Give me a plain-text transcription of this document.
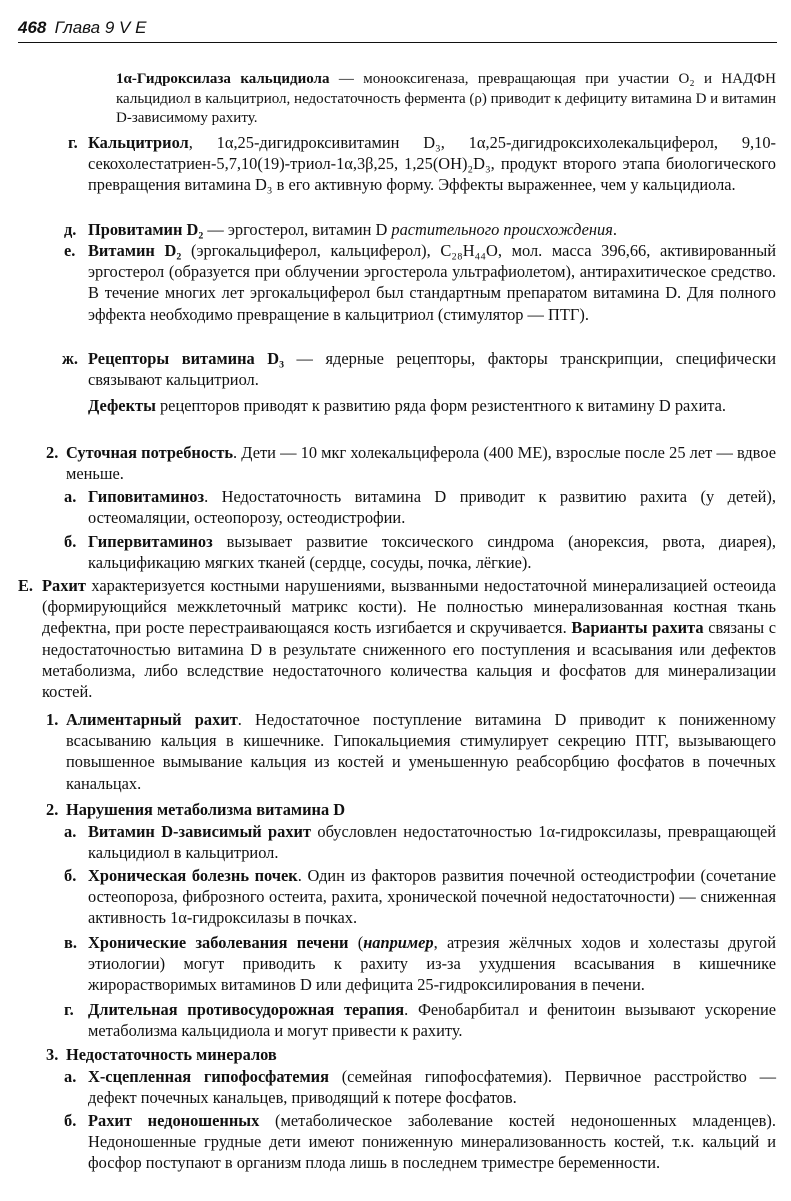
468 Глава 9 V E
1α-Гидроксилаза кальцидиола — монооксигеназа, превращающая при участии O₂ и НАДФН кальцидиол в кальцитриол, недостаточность фермента (ρ) приводит к дефициту витамина D и витамин D-зависимому рахиту.
г. Кальцитриол, 1α,25-дигидроксивитамин D₃, 1α,25-дигидроксихолекальциферол, 9,10-секохолестатриен-5,7,10(19)-триол-1α,3β,25, 1,25(OH)₂D₃, продукт второго этапа биологического превращения витамина D₃ в его активную форму. Эффекты выраженнее, чем у кальцидиола.
д. Провитамин D₂ — эргостерол, витамин D растительного происхождения.
е. Витамин D₂ (эргокальциферол, кальциферол), C₂₈H₄₄O, мол. масса 396,66, активированный эргостерол (образуется при облучении эргостерола ультрафиолетом), антирахитическое средство. В течение многих лет эргокальциферол был стандартным препаратом витамина D. Для полного эффекта необходимо превращение в кальцитриол (стимулятор — ПТГ).
ж. Рецепторы витамина D₃ — ядерные рецепторы, факторы транскрипции, специфически связывают кальцитриол.
Дефекты рецепторов приводят к развитию ряда форм резистентного к витамину D рахита.
2. Суточная потребность. Дети — 10 мкг холекальциферола (400 МЕ), взрослые после 25 лет — вдвое меньше.
а. Гиповитаминоз. Недостаточность витамина D приводит к развитию рахита (у детей), остеомаляции, остеопорозу, остеодистрофии.
б. Гипервитаминоз вызывает развитие токсического синдрома (анорексия, рвота, диарея), кальцификацию мягких тканей (сердце, сосуды, почка, лёгкие).
Е. Рахит характеризуется костными нарушениями, вызванными недостаточной минерализацией остеоида (формирующийся межклеточный матрикс кости). Не полностью минерализованная костная ткань дефектна, при росте перестраивающаяся кость изгибается и скручивается. Варианты рахита связаны с недостаточностью витамина D в результате сниженного его поступления и всасывания или дефектов метаболизма, либо вследствие недостаточного количества кальция и фосфатов для минерализации костей.
1. Алиментарный рахит. Недостаточное поступление витамина D приводит к пониженному всасыванию кальция в кишечнике. Гипокальциемия стимулирует секрецию ПТГ, вызывающего повышенное вымывание кальция из костей и уменьшенную реабсорбцию фосфатов в почечных канальцах.
2. Нарушения метаболизма витамина D
а. Витамин D-зависимый рахит обусловлен недостаточностью 1α-гидроксилазы, превращающей кальцидиол в кальцитриол.
б. Хроническая болезнь почек. Один из факторов развития почечной остеодистрофии (сочетание остеопороза, фиброзного остеита, рахита, хронической почечной недостаточности) — сниженная активность 1α-гидроксилазы в почках.
в. Хронические заболевания печени (например, атрезия жёлчных ходов и холестазы другой этиологии) могут приводить к рахиту из-за ухудшения всасывания в кишечнике жирорастворимых витаминов D или дефицита 25-гидроксилирования в печени.
г. Длительная противосудорожная терапия. Фенобарбитал и фенитоин вызывают ускорение метаболизма кальцидиола и могут привести к рахиту.
3. Недостаточность минералов
а. Х-сцепленная гипофосфатемия (семейная гипофосфатемия). Первичное расстройство — дефект почечных канальцев, приводящий к потере фосфатов.
б. Рахит недоношенных (метаболическое заболевание костей недоношенных младенцев). Недоношенные грудные дети имеют пониженную минерализованность костей, т.к. кальций и фосфор поступают в организм плода лишь в последнем триместре беременности.
